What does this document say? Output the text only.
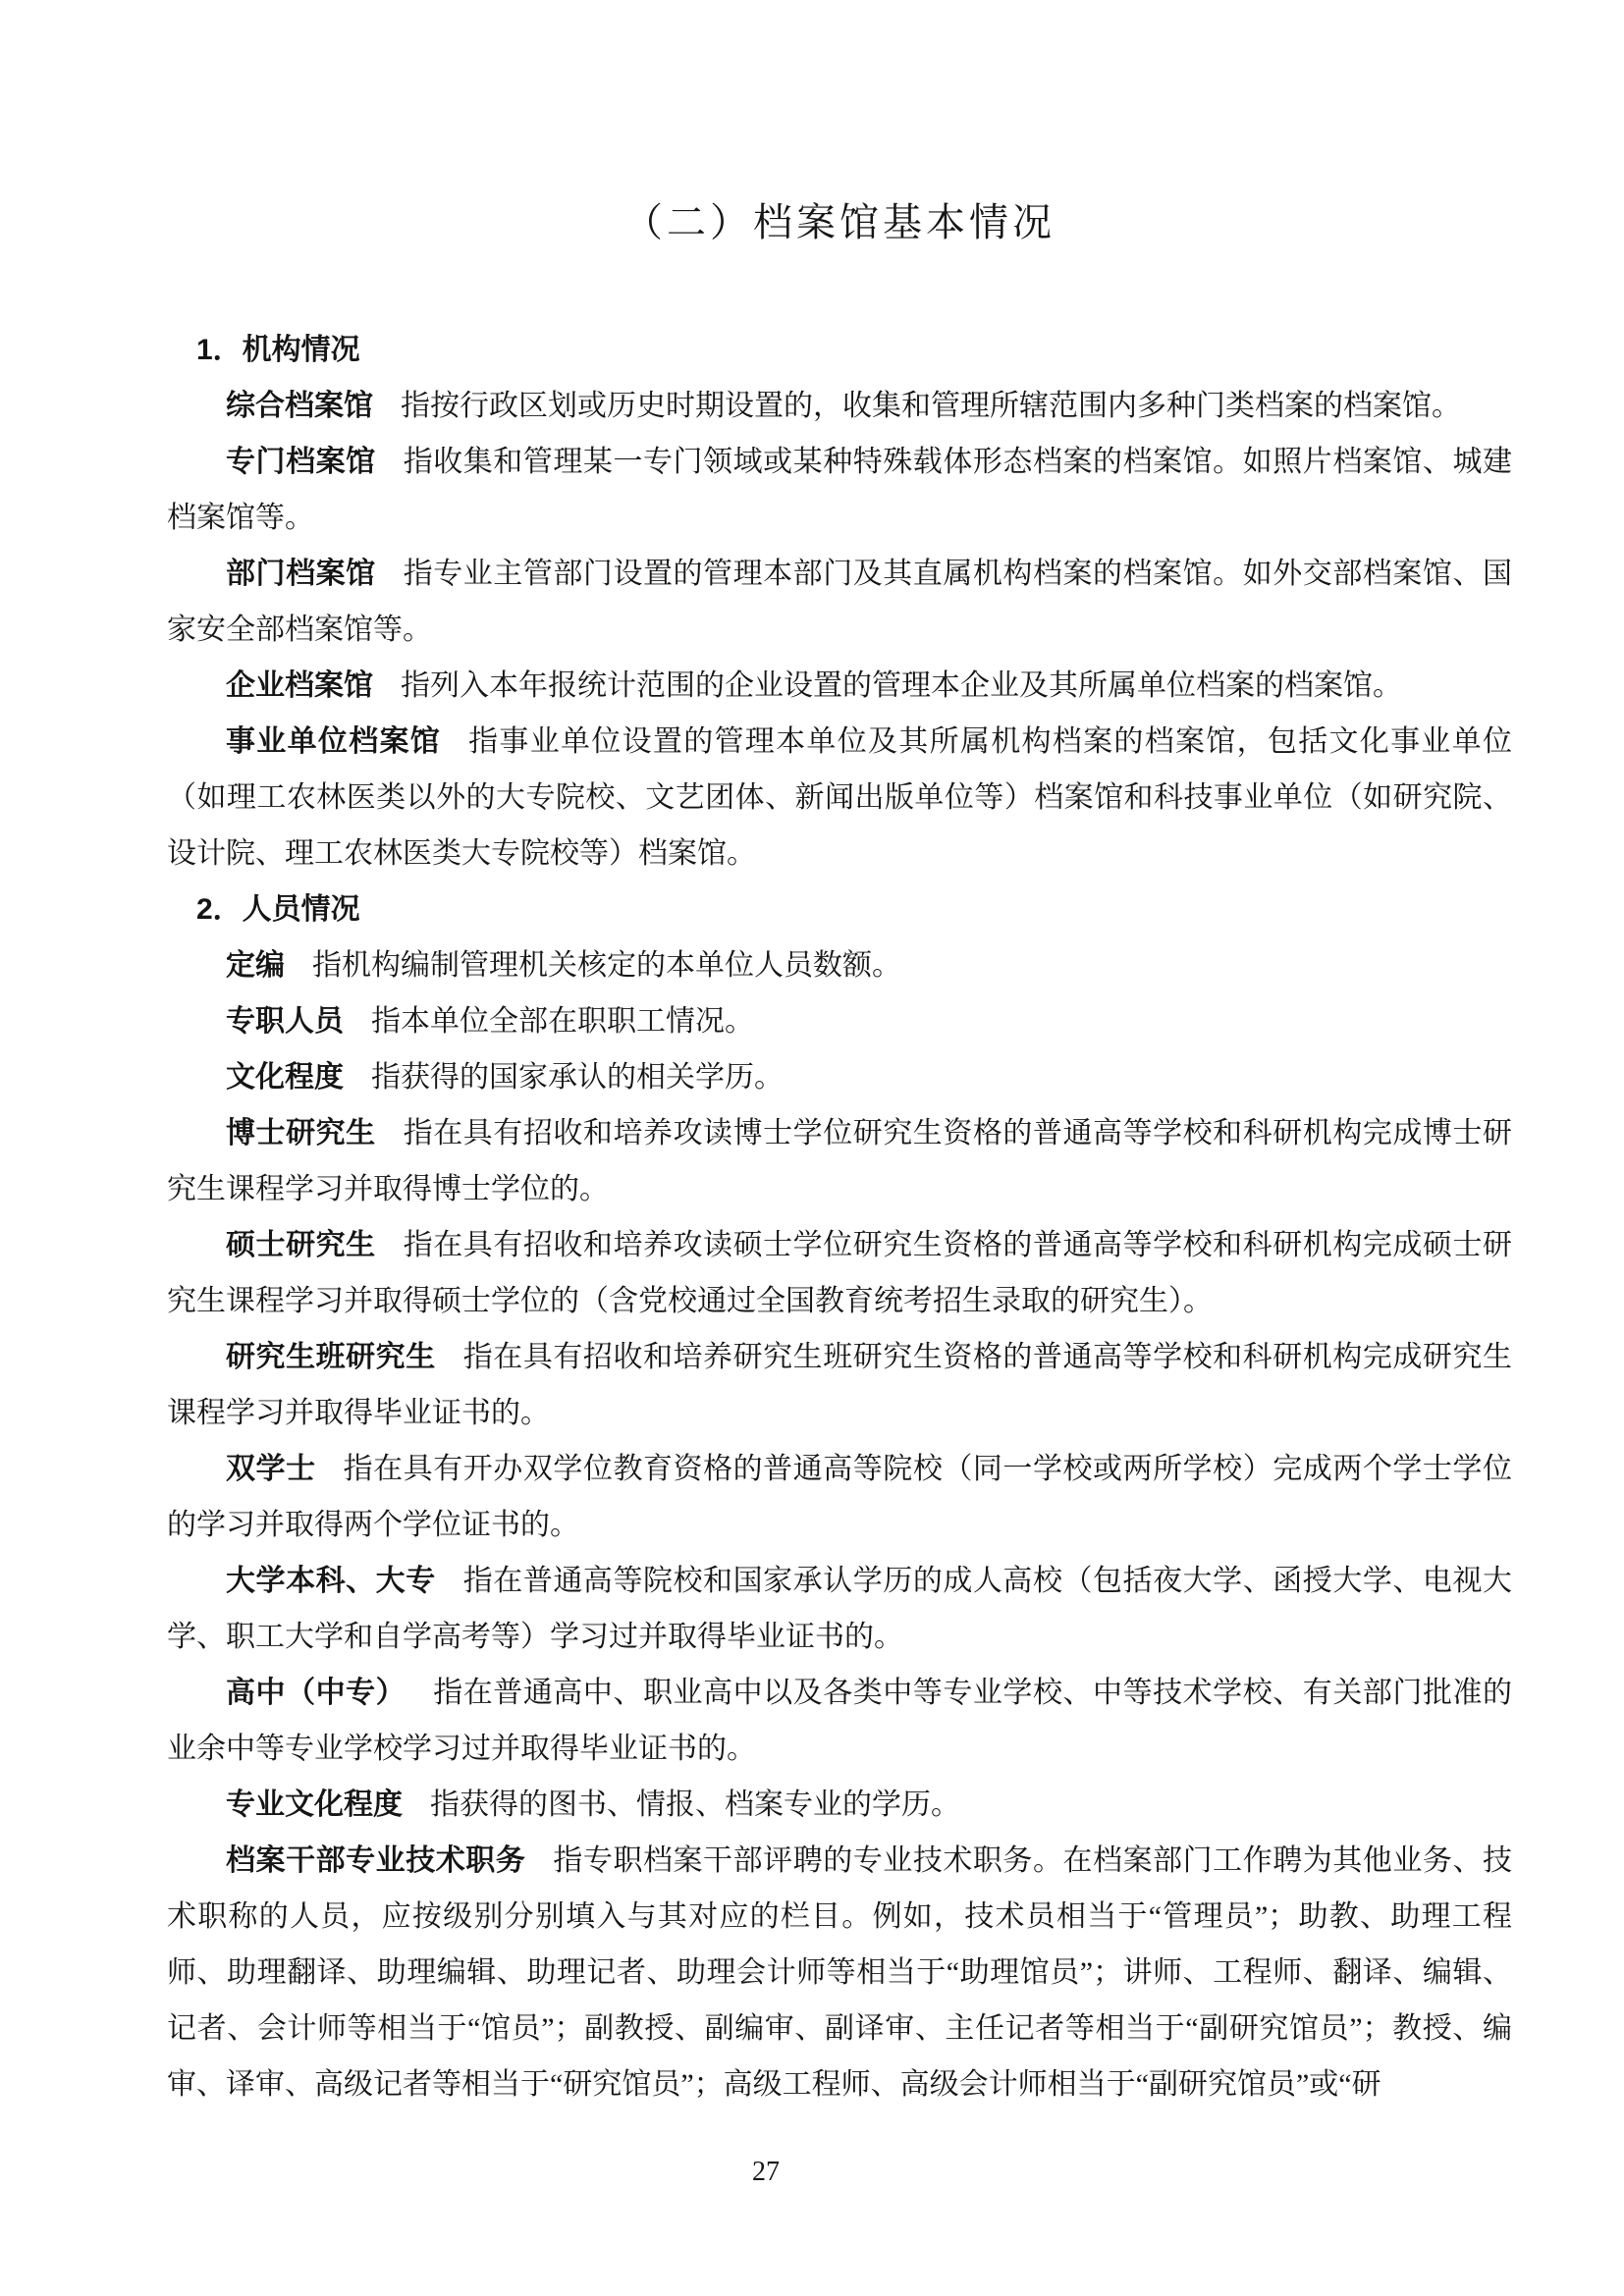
（二）档案馆基本情况
1．机构情况

综合档案馆 指按行政区划或历史时期设置的，收集和管理所辖范围内多种门类档案的档案馆。

专门档案馆 指收集和管理某一专门领域或某种特殊载体形态档案的档案馆。如照片档案馆、城建档案馆等。

部门档案馆 指专业主管部门设置的管理本部门及其直属机构档案的档案馆。如外交部档案馆、国家安全部档案馆等。

企业档案馆 指列入本年报统计范围的企业设置的管理本企业及其所属单位档案的档案馆。

事业单位档案馆 指事业单位设置的管理本单位及其所属机构档案的档案馆，包括文化事业单位（如理工农林医类以外的大专院校、文艺团体、新闻出版单位等）档案馆和科技事业单位（如研究院、设计院、理工农林医类大专院校等）档案馆。

2．人员情况

定编 指机构编制管理机关核定的本单位人员数额。

专职人员 指本单位全部在职职工情况。

文化程度 指获得的国家承认的相关学历。

博士研究生 指在具有招收和培养攻读博士学位研究生资格的普通高等学校和科研机构完成博士研究生课程学习并取得博士学位的。

硕士研究生 指在具有招收和培养攻读硕士学位研究生资格的普通高等学校和科研机构完成硕士研究生课程学习并取得硕士学位的（含党校通过全国教育统考招生录取的研究生）。

研究生班研究生 指在具有招收和培养研究生班研究生资格的普通高等学校和科研机构完成研究生课程学习并取得毕业证书的。

双学士 指在具有开办双学位教育资格的普通高等院校（同一学校或两所学校）完成两个学士学位的学习并取得两个学位证书的。

大学本科、大专 指在普通高等院校和国家承认学历的成人高校（包括夜大学、函授大学、电视大学、职工大学和自学高考等）学习过并取得毕业证书的。

高中（中专） 指在普通高中、职业高中以及各类中等专业学校、中等技术学校、有关部门批准的业余中等专业学校学习过并取得毕业证书的。

专业文化程度 指获得的图书、情报、档案专业的学历。

档案干部专业技术职务 指专职档案干部评聘的专业技术职务。在档案部门工作聘为其他业务、技术职称的人员，应按级别分别填入与其对应的栏目。例如，技术员相当于“管理员”；助教、助理工程师、助理翻译、助理编辑、助理记者、助理会计师等相当于“助理馆员”；讲师、工程师、翻译、编辑、记者、会计师等相当于“馆员”；副教授、副编审、副译审、主任记者等相当于“副研究馆员”；教授、编审、译审、高级记者等相当于“研究馆员”；高级工程师、高级会计师相当于“副研究馆员”或“研

27
